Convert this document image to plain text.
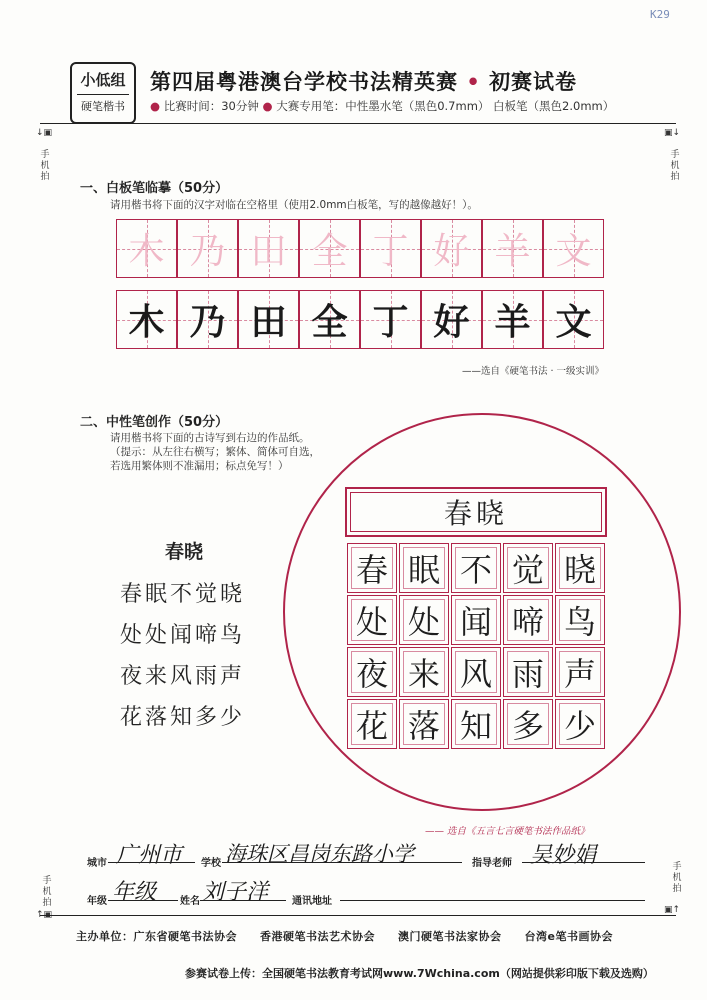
K29
小低组
硬笔楷书
第四届粤港澳台学校书法精英赛 • 初赛试卷
● 比赛时间：30分钟 ● 大赛专用笔：中性墨水笔（黑色0.7mm） 白板笔（黑色2.0mm）
↓▣
手机拍
▣↓
手机拍
手机拍
↑▣
手机拍
▣↑
一、白板笔临摹（50分）
请用楷书将下面的汉字对临在空格里（使用2.0mm白板笔，写的越像越好！）。
木 乃 田 全 丁 好 羊 文
木 乃 田 全 丁 好 羊 文
——选自《硬笔书法 · 一级实训》
二、中性笔创作（50分）
请用楷书将下面的古诗写到右边的作品纸。
（提示：从左往右横写；繁体、简体可自选，
若选用繁体则不准漏用；标点免写！）
春晓
春眠不觉晓
处处闻啼鸟
夜来风雨声
花落知多少
春晓
春 眠 不 觉 晓
处 处 闻 啼 鸟
夜 来 风 雨 声
花 落 知 多 少
—— 选自《五言七言硬笔书法作品纸》
城市 广州市 学校 海珠区昌岗东路小学	指导老师 吴妙娟
年级 年级 姓名 刘子洋 通讯地址
主办单位：广东省硬笔书法协会　　香港硬笔书法艺术协会　　澳门硬笔书法家协会　　台湾e笔书画协会
参赛试卷上传：全国硬笔书法教育考试网www.7Wchina.com（网站提供彩印版下载及选购）
